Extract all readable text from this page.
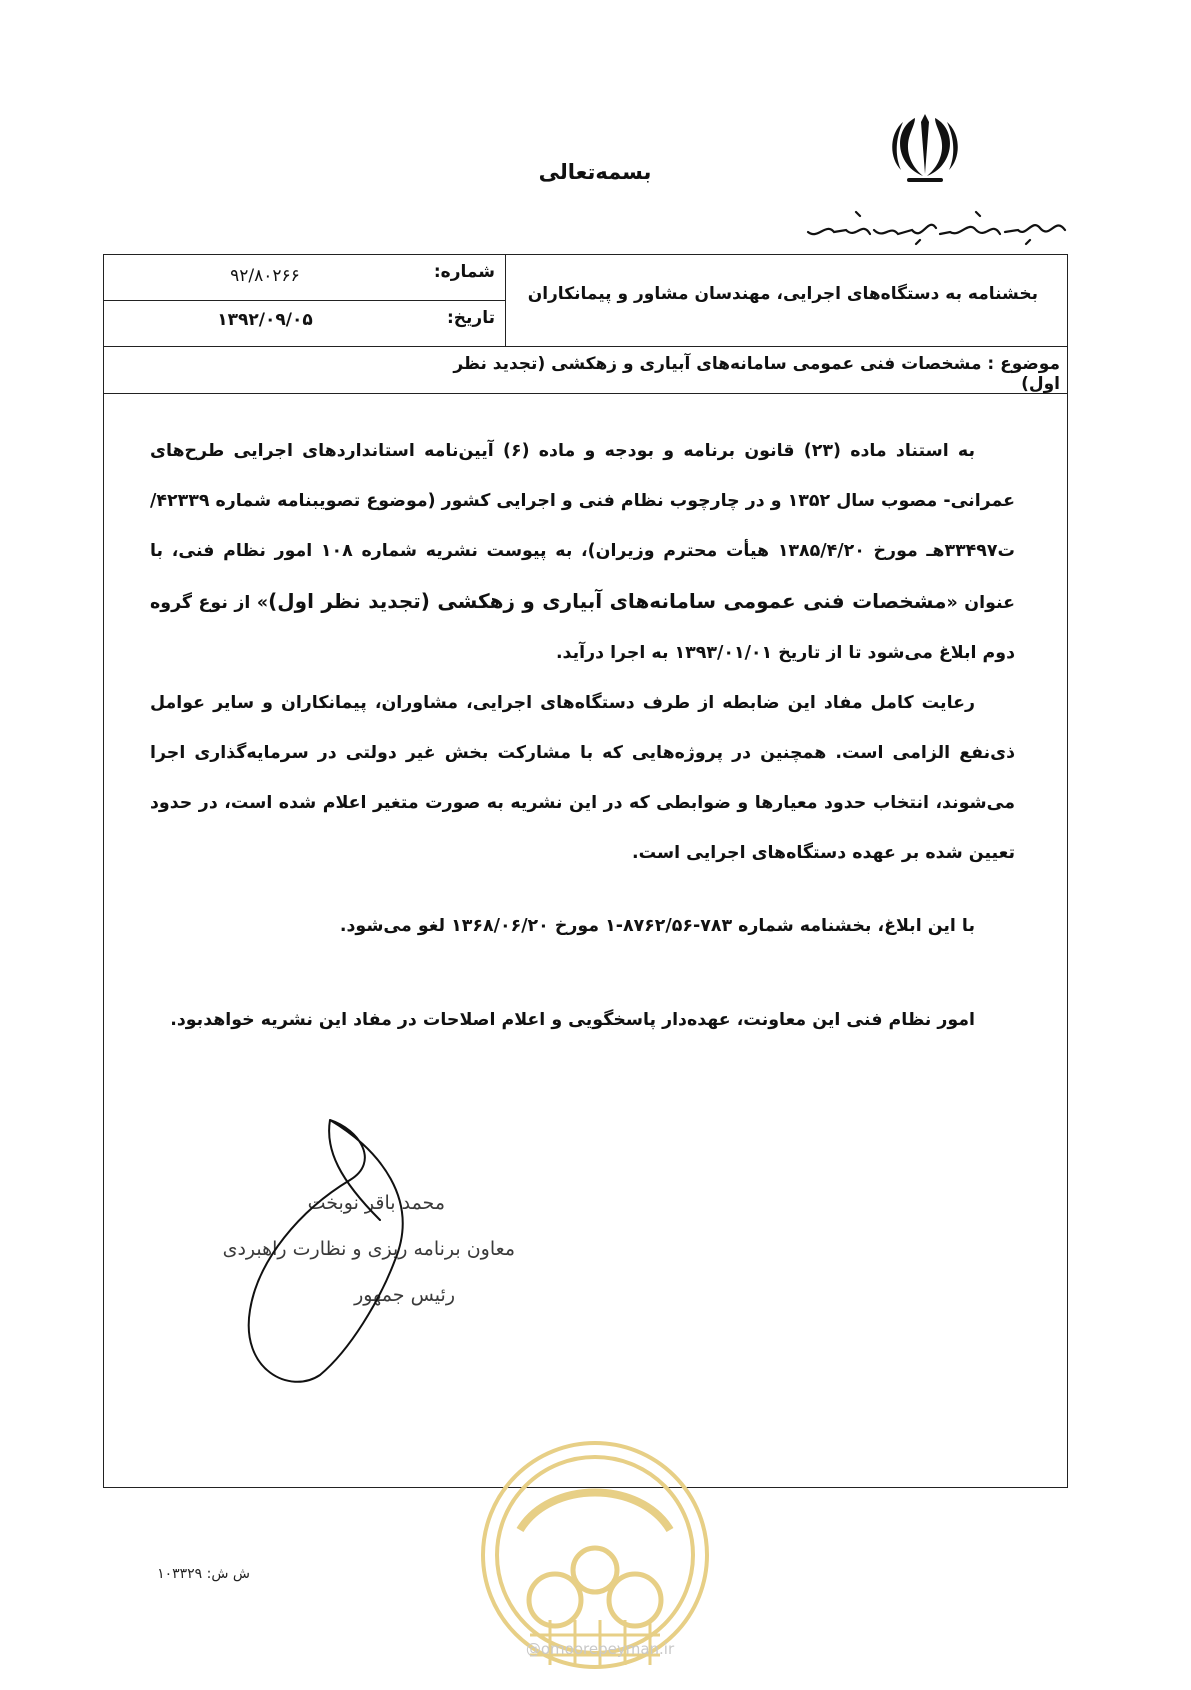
بسمه‌تعالی
بخشنامه به دستگاه‌های اجرایی، مهندسان مشاور و پیمانکاران
شماره:
۹۲/۸۰۲۶۶
تاریخ:
۱۳۹۲/۰۹/۰۵
موضوع : مشخصات فنی عمومی سامانه‌های آبیاری و زهکشی (تجدید نظر اول)

به استناد ماده (۲۳) قانون برنامه و بودجه و ماده (۶) آیین‌نامه استانداردهای اجرایی طرح‌های عمرانی- مصوب سال ۱۳۵۲ و در چارچوب نظام فنی و اجرایی کشور (موضوع تصویبنامه شماره ۴۲۳۳۹/ت۳۳۴۹۷هـ مورخ ۱۳۸۵/۴/۲۰ هیأت محترم وزیران)، به پیوست نشریه شماره ۱۰۸ امور نظام فنی، با عنوان «مشخصات فنی عمومی سامانه‌های آبیاری و زهکشی (تجدید نظر اول)» از نوع گروه دوم ابلاغ می‌شود تا از تاریخ ۱۳۹۳/۰۱/۰۱ به اجرا درآید.

رعایت کامل مفاد این ضابطه از طرف دستگاه‌های اجرایی، مشاوران، پیمانکاران و سایر عوامل ذی‌نفع الزامی است. همچنین در پروژه‌هایی که با مشارکت بخش غیر دولتی در سرمایه‌گذاری اجرا می‌شوند، انتخاب حدود معیارها و ضوابطی که در این نشریه به صورت متغیر اعلام شده است، در حدود تعیین شده بر عهده دستگاه‌های اجرایی است.

با این ابلاغ، بخشنامه شماره ۷۸۳-۸۷۶۲/۵۶-۱ مورخ ۱۳۶۸/۰۶/۲۰ لغو می‌شود.
امور نظام فنی این معاونت، عهده‌دار پاسخگویی و اعلام اصلاحات در مفاد این نشریه خواهدبود.
محمد باقر نوبخت
معاون برنامه ریزی و نظارت راهبردی
رئیس جمهور
ش ش: ۱۰۳۳۲۹
@omoorepeyman.ir
